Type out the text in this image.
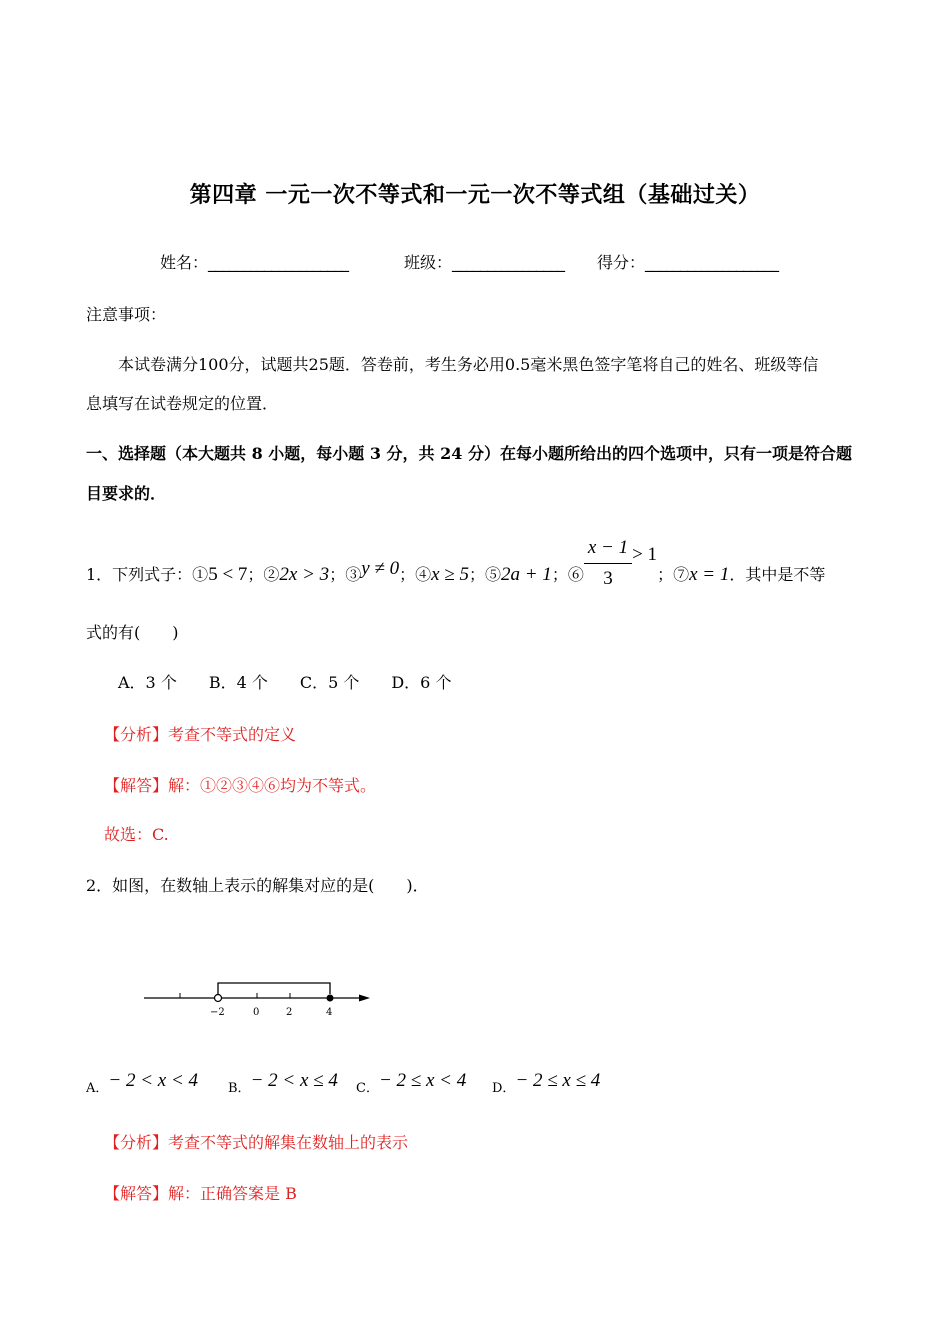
第四章 一元一次不等式和一元一次不等式组（基础过关）
姓名：____________________	班级：________________ 得分：___________________
注意事项：
本试卷满分100分，试题共25题．答卷前，考生务必用0.5毫米黑色签字笔将自己的姓名、班级等信
息填写在试卷规定的位置．
一、选择题（本大题共 8 小题，每小题 3 分，共 24 分）在每小题所给出的四个选项中，只有一项是符合题
目要求的．
1．下列式子：①5 < 7；②2x > 3；③y ≠ 0；④x ≥ 5；⑤2a + 1；⑥ $\frac{x - 1}{3} > 1$；⑦x = 1．其中是不等
式的有(　　)
A．3 个　　B．4 个　　C．5 个　　D．6 个
【分析】考查不等式的定义
【解答】解：①②③④⑥均为不等式。
故选：C.
2．如图，在数轴上表示的解集对应的是(　　)．
−2	0	2	4
A．− 2 < x < 4 B．− 2 < x ≤ 4 C．− 2 ≤ x < 4 D．− 2 ≤ x ≤ 4
【分析】考查不等式的解集在数轴上的表示
【解答】解：正确答案是 B
